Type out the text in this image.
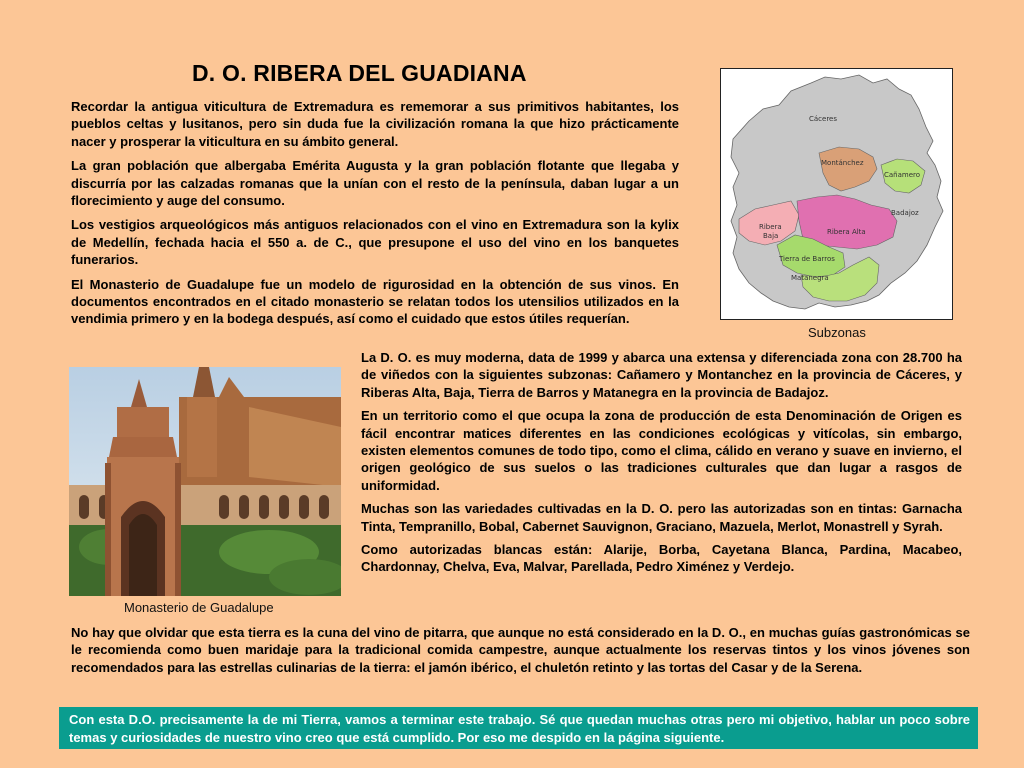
D. O. RIBERA DEL GUADIANA

Recordar la antigua viticultura de Extremadura es rememorar a sus primitivos habitantes, los pueblos celtas y lusitanos, pero sin duda fue la civilización romana la que hizo prácticamente nacer y prosperar la viticultura en su ámbito general.

La gran población que albergaba Emérita Augusta y la gran población flotante que llegaba y discurría por las calzadas romanas que la unían con el resto de la península, daban lugar a un florecimiento y auge del consumo.

Los vestigios arqueológicos más antiguos relacionados con el vino en Extremadura son la kylix de Medellín, fechada hacia el 550 a. de C., que presupone el uso del vino en los banquetes funerarios.

El Monasterio de Guadalupe fue un modelo de rigurosidad en la obtención de sus vinos. En documentos encontrados en el citado monasterio se relatan todos los utensilios utilizados en la vendimia primero y en la bodega después, así como el cuidado que estos útiles requerían.

Cáceres
Montánchez
Cañamero
Badajoz
Ribera
Baja	Ribera Alta
Tierra de Barros
Matanegra
Subzonas
Monasterio de Guadalupe

La D. O. es muy moderna, data de 1999 y abarca una extensa y diferenciada zona con 28.700 ha de viñedos con la siguientes subzonas: Cañamero y Montanchez en la provincia de Cáceres, y Riberas Alta, Baja, Tierra de Barros y Matanegra en la provincia de Badajoz.

En un territorio como el que ocupa la zona de producción de esta Denominación de Origen es fácil encontrar matices diferentes en las condiciones ecológicas y vitícolas, sin embargo, existen elementos comunes de todo tipo, como el clima, cálido en verano y suave en invierno, el origen geológico de sus suelos o las tradiciones culturales que dan lugar a rasgos de uniformidad.

Muchas son las variedades cultivadas en la D. O. pero las autorizadas son en tintas: Garnacha Tinta, Tempranillo, Bobal, Cabernet Sauvignon, Graciano, Mazuela, Merlot, Monastrell y Syrah.

Como autorizadas blancas están: Alarije, Borba, Cayetana Blanca, Pardina, Macabeo, Chardonnay, Chelva, Eva, Malvar, Parellada, Pedro Ximénez y Verdejo.

No hay que olvidar que esta tierra es la cuna del vino de pitarra, que aunque no está considerado en la D. O., en muchas guías gastronómicas se le recomienda como buen maridaje para la tradicional comida campestre, aunque actualmente los reservas tintos y los vinos jóvenes son recomendados para las estrellas culinarias de la tierra: el jamón ibérico, el chuletón retinto y las tortas del Casar y de la Serena.

Con esta D.O. precisamente la de mi Tierra, vamos a terminar este trabajo. Sé que quedan muchas otras pero mi objetivo, hablar un poco sobre temas y curiosidades de nuestro vino creo que está cumplido. Por eso me despido en la página siguiente.
